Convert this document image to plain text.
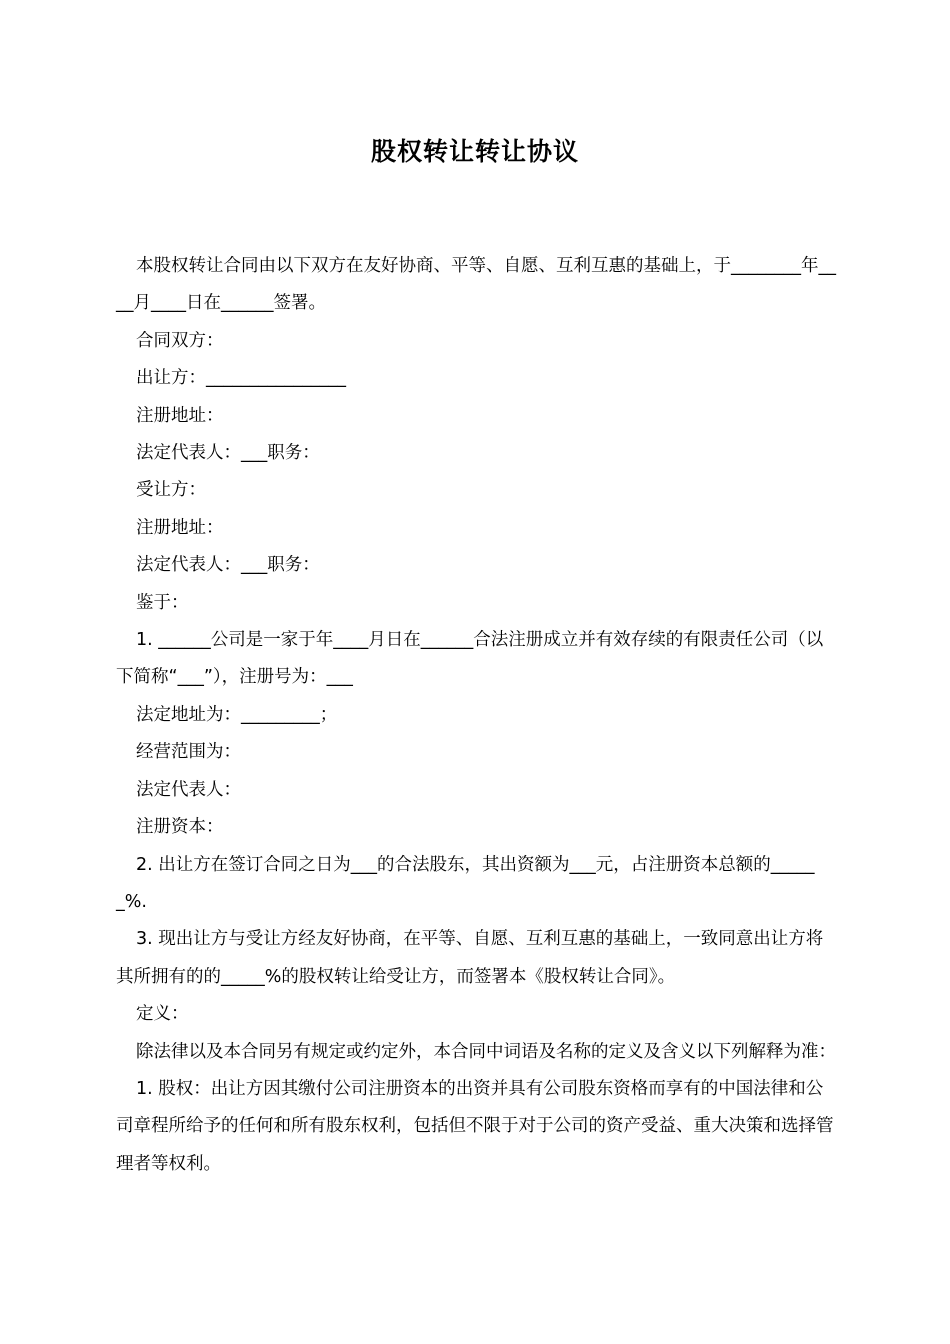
股权转让转让协议

本股权转让合同由以下双方在友好协商、平等、自愿、互利互惠的基础上，于________年____月____日在______签署。

合同双方：

出让方：________________

注册地址：

法定代表人：___职务：

受让方：

注册地址：

法定代表人：___职务：

鉴于：

1. ______公司是一家于年____月日在______合法注册成立并有效存续的有限责任公司（以下简称“___”），注册号为：___

法定地址为：_________；

经营范围为：

法定代表人：

注册资本：

2. 出让方在签订合同之日为___的合法股东，其出资额为___元，占注册资本总额的______%.

3. 现出让方与受让方经友好协商，在平等、自愿、互利互惠的基础上，一致同意出让方将其所拥有的的_____%的股权转让给受让方，而签署本《股权转让合同》。

定义：

除法律以及本合同另有规定或约定外，本合同中词语及名称的定义及含义以下列解释为准：

1. 股权：出让方因其缴付公司注册资本的出资并具有公司股东资格而享有的中国法律和公司章程所给予的任何和所有股东权利，包括但不限于对于公司的资产受益、重大决策和选择管理者等权利。
